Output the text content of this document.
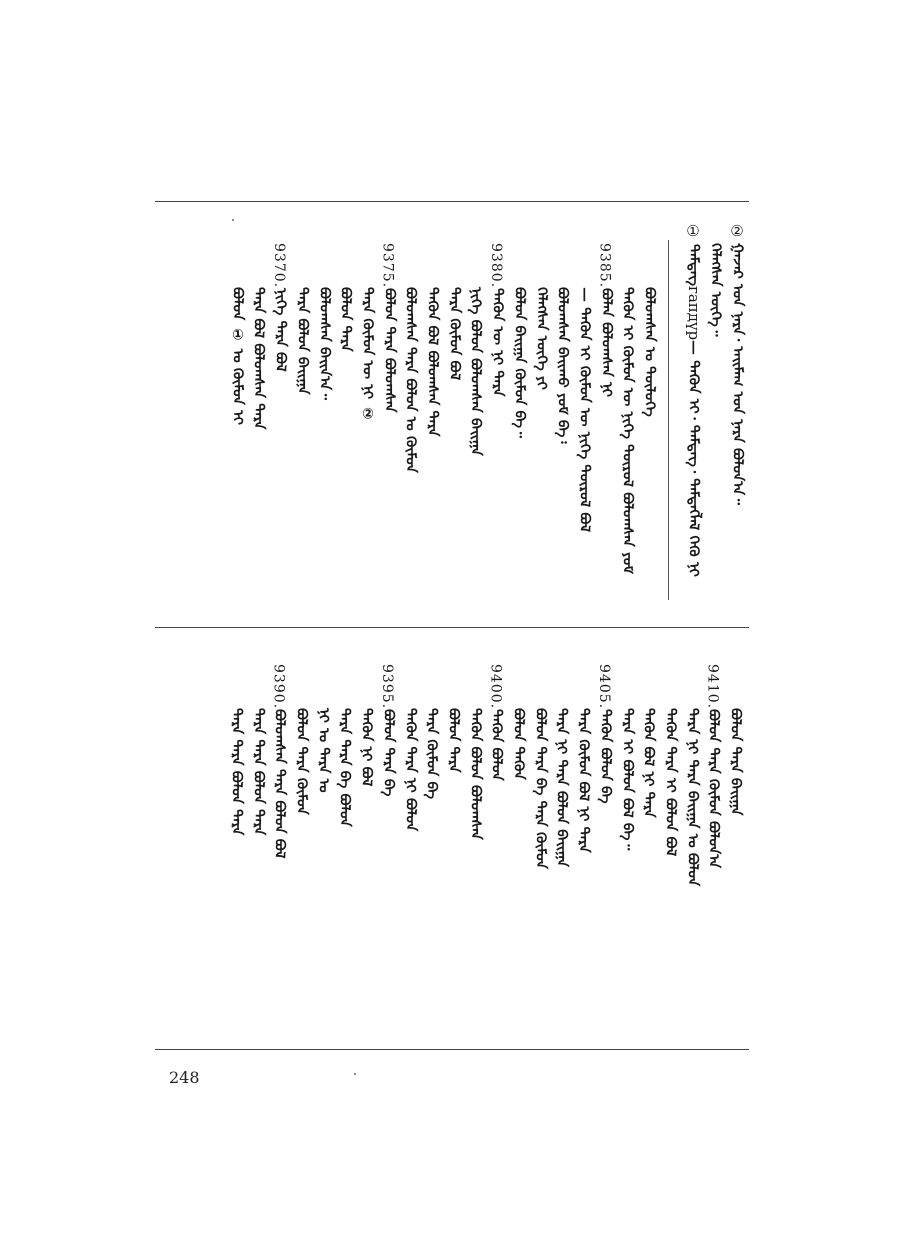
ᠭᠠᠵᠠᠷ ᠤᠨ ᠨᠡᠷᠡ᠂ ᠠᠢᠮᠠᠭ ᠤᠨ ᠨᠡᠷᠡ ᠪᠣᠯᠤᠨ᠎ᠠ᠃
②
ᠬᠡᠯᠡᠭᠰᠡᠨ ᠦᠭᠡ᠃
①
ᠲᠡᠮᠳᠡᠭ
гапдүр
— ᠲᠡᠭᠦᠨ ᠢ᠂ ᠲᠡᠮᠳᠡᠭ᠂ ᠲᠡᠮᠳᠡᠭᠯᠡᠯ ᠭᠡᠬᠦ ᠨᠢ
ᠪᠣᠯᠤᠭᠰᠠᠨ ᠤ ᠲᠥᠯᠥᠭᠡ
ᠲᠡᠭᠦᠨ ᠢ ᠬᠦᠮᠦᠨ ᠦ ᠨᠢᠭᠡ ᠲᠥᠷᠥᠯ ᠪᠣᠯᠤᠭᠰᠠᠨ ᠶᠤᠮ
9385.
ᠪᠣᠯᠠᠨ ᠪᠣᠯᠤᠭᠰᠠᠨ ᠨᠢ
— ᠲᠡᠭᠦᠨ ᠢ ᠬᠦᠮᠦᠨ ᠦ ᠨᠢᠭᠡ ᠲᠥᠷᠥᠯ ᠪᠣᠯ
ᠪᠣᠯᠤᠭᠰᠠᠨ ᠪᠠᠢᠬᠤ ᠶᠤᠮ ᠪᠡ᠄
ᠬᠡᠯᠡᠭᠰᠡᠨ ᠦᠭᠡ ᠶᠢ
ᠪᠣᠯᠤᠨ ᠪᠠᠢᠭᠠ ᠬᠦᠮᠦᠨ ᠪᠡ᠃
9380.
ᠲᠡᠭᠦᠨ ᠦ ᠨᠢ ᠲᠡᠷᠡ
ᠨᠢᠭᠡ ᠪᠣᠯᠤᠨ ᠪᠣᠯᠤᠭᠰᠠᠨ ᠪᠠᠢᠭᠠ
ᠲᠡᠷᠡ ᠬᠦᠮᠦᠨ ᠪᠣᠯ
ᠲᠡᠭᠦᠨ ᠪᠣᠯ ᠪᠣᠯᠤᠭᠰᠠᠨ ᠲᠡᠷᠡ
ᠪᠣᠯᠤᠭᠰᠠᠨ ᠲᠡᠷᠡ ᠪᠣᠯᠤᠨ ᠤ ᠬᠦᠮᠦᠨ
9375.
ᠪᠣᠯᠤᠨ ᠲᠡᠷᠡ ᠪᠣᠯᠤᠭᠰᠠᠨ
ᠲᠡᠷᠡ ᠬᠦᠮᠦᠨ ᠦ ᠨᠢ ②
ᠪᠣᠯᠤᠨ ᠲᠡᠷᠡ
ᠪᠣᠯᠤᠭᠰᠠᠨ ᠪᠠᠢᠨ᠎ᠠ᠃
ᠲᠡᠷᠡ ᠪᠣᠯᠤᠨ ᠪᠠᠢᠭᠠ
9370.
ᠨᠢᠭᠡ ᠲᠡᠷᠡ ᠪᠣᠯ
ᠲᠡᠷᠡ ᠪᠣᠯ ᠪᠣᠯᠤᠭᠰᠠᠨ ᠲᠡᠷᠡ
ᠪᠣᠯᠤᠨ ① ᠤ ᠬᠦᠮᠦᠨ ᠢ
ᠪᠣᠯᠤᠨ ᠲᠡᠷᠡ ᠪᠠᠢᠭᠠ
9410.
ᠪᠣᠯᠤᠨ ᠲᠡᠷᠡ ᠬᠦᠮᠦᠨ ᠪᠣᠯᠤᠨ᠎ᠠ
ᠲᠡᠷᠡ ᠨᠢ ᠲᠡᠷᠡ ᠪᠠᠢᠭᠠ ᠤ ᠪᠣᠯᠤᠨ
ᠲᠡᠭᠦᠨ ᠲᠡᠷᠡ ᠢ ᠪᠣᠯᠤᠨ ᠪᠣᠯ
ᠲᠡᠭᠦᠨ ᠪᠣᠯ ᠨᠢ ᠲᠡᠷᠡ
ᠲᠡᠷᠡ ᠢ ᠪᠣᠯᠤᠨ ᠪᠣᠯ ᠪᠡ᠃
9405.
ᠲᠡᠭᠦᠨ ᠪᠣᠯᠤᠨ ᠪᠡ
ᠲᠡᠷᠡ ᠬᠦᠮᠦᠨ ᠪᠣᠯ ᠨᠢ ᠲᠡᠷᠡ
ᠲᠡᠷᠡ ᠨᠢ ᠲᠡᠷᠡ ᠪᠣᠯᠤᠨ ᠪᠠᠢᠭᠠ
ᠪᠣᠯᠤᠨ ᠲᠡᠷᠡ ᠪᠡ ᠲᠡᠷᠡ ᠬᠦᠮᠦᠨ
ᠪᠣᠯᠤᠨ ᠲᠡᠭᠦᠨ
9400.
ᠲᠡᠭᠦᠨ ᠪᠣᠯᠤᠨ
ᠲᠡᠭᠦᠨ ᠪᠣᠯᠤᠨ ᠪᠣᠯᠤᠭᠰᠠᠨ
ᠪᠣᠯᠤᠨ ᠲᠡᠷᠡ
ᠲᠡᠷᠡ ᠬᠦᠮᠦᠨ ᠪᠡ
ᠲᠡᠭᠦᠨ ᠲᠡᠷᠡ ᠨᠢ ᠪᠣᠯᠤᠨ
9395.
ᠪᠣᠯᠤᠨ ᠲᠡᠷᠡ ᠪᠡ
ᠲᠡᠭᠦᠨ ᠨᠢ ᠪᠣᠯ
ᠲᠡᠷᠡ ᠲᠡᠷᠡ ᠪᠡ ᠪᠣᠯᠤᠨ
ᠨᠢ ᠤ ᠲᠡᠷᠡ ᠤ
ᠪᠣᠯᠤᠨ ᠲᠡᠷᠡ ᠬᠦᠮᠦᠨ
9390.
ᠪᠣᠯᠤᠭᠰᠠᠨ ᠲᠡᠷᠡ ᠪᠣᠯᠤᠨ ᠪᠣᠯ
ᠲᠡᠷᠡ ᠲᠡᠷᠡ ᠪᠣᠯᠤᠨ ᠲᠡᠷᠡ
ᠲᠡᠷᠡ ᠲᠡᠷᠡ ᠪᠣᠯᠤᠨ ᠲᠡᠷᠡ
248
